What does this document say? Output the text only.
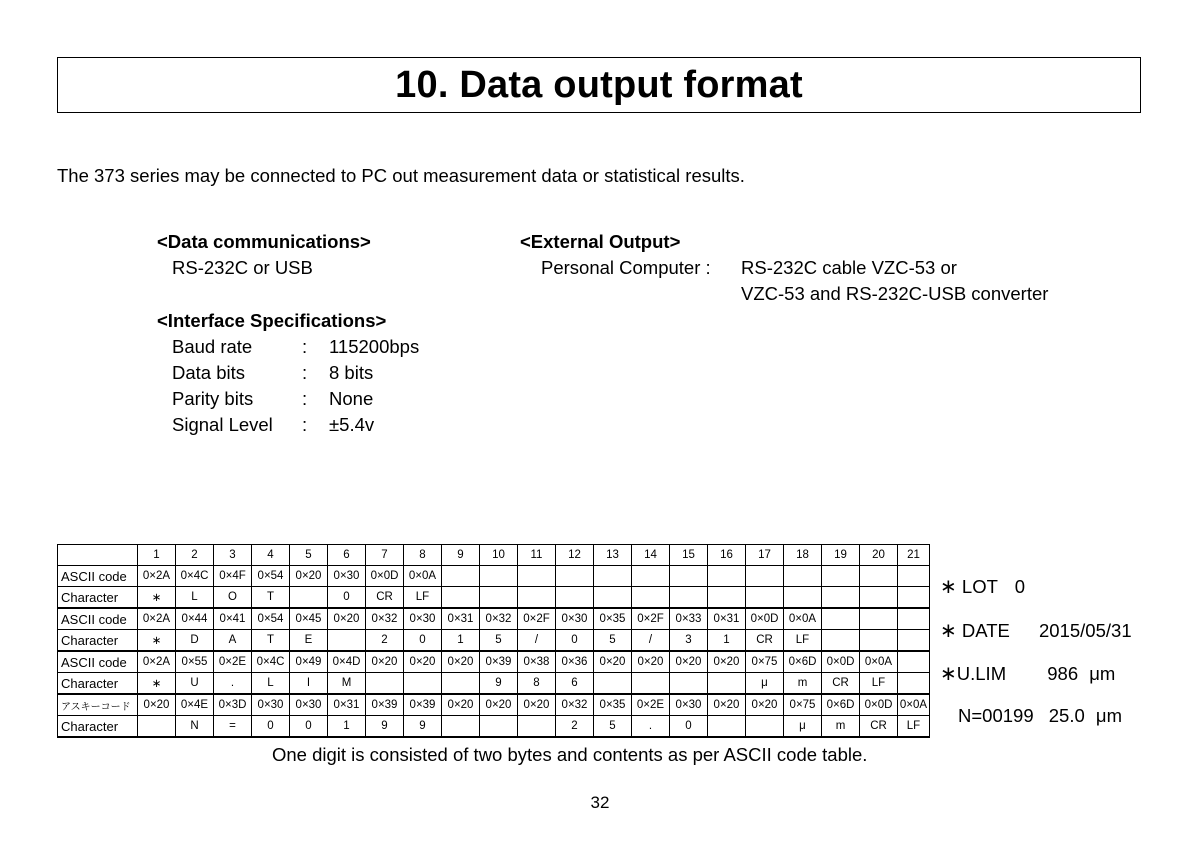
10. Data output format
The 373 series may be connected to PC out measurement data or statistical results.
<Data communications>
RS-232C or USB
<External Output>
Personal Computer : RS-232C cable VZC-53 or
VZC-53 and RS-232C-USB converter
<Interface Specifications>
Baud rate	: 115200bps
Data bits	: 8 bits
Parity bits	: None
Signal Level	: ±5.4v
	1	2	3	4	5	6	7	8	9	10	11	12	13	14	15	16	17	18	19	20	21
ASCII code	0×2A	0×4C	0×4F	0×54	0×20	0×30	0×0D	0×0A													
Character	∗	L	O	T		0	CR	LF													
ASCII code	0×2A	0×44	0×41	0×54	0×45	0×20	0×32	0×30	0×31	0×32	0×2F	0×30	0×35	0×2F	0×33	0×31	0×0D	0×0A			
Character	∗	D	A	T	E		2	0	1	5	/	0	5	/	3	1	CR	LF			
ASCII code	0×2A	0×55	0×2E	0×4C	0×49	0×4D	0×20	0×20	0×20	0×39	0×38	0×36	0×20	0×20	0×20	0×20	0×75	0×6D	0×0D	0×0A	
Character	∗	U	.	L	I	M				9	8	6					μ	m	CR	LF	
アスキーコード	0×20	0×4E	0×3D	0×30	0×30	0×31	0×39	0×39	0×20	0×20	0×20	0×32	0×35	0×2E	0×30	0×20	0×20	0×75	0×6D	0×0D	0×0A
Character		N	=	0	0	1	9	9				2	5	.	0			μ	m	CR	LF
One digit is consisted of two bytes and contents as per ASCII code table.
∗ LOT 0
∗ DATE 2015/05/31
∗U.LIM 986 μm
N=00199 25.0 μm
32
